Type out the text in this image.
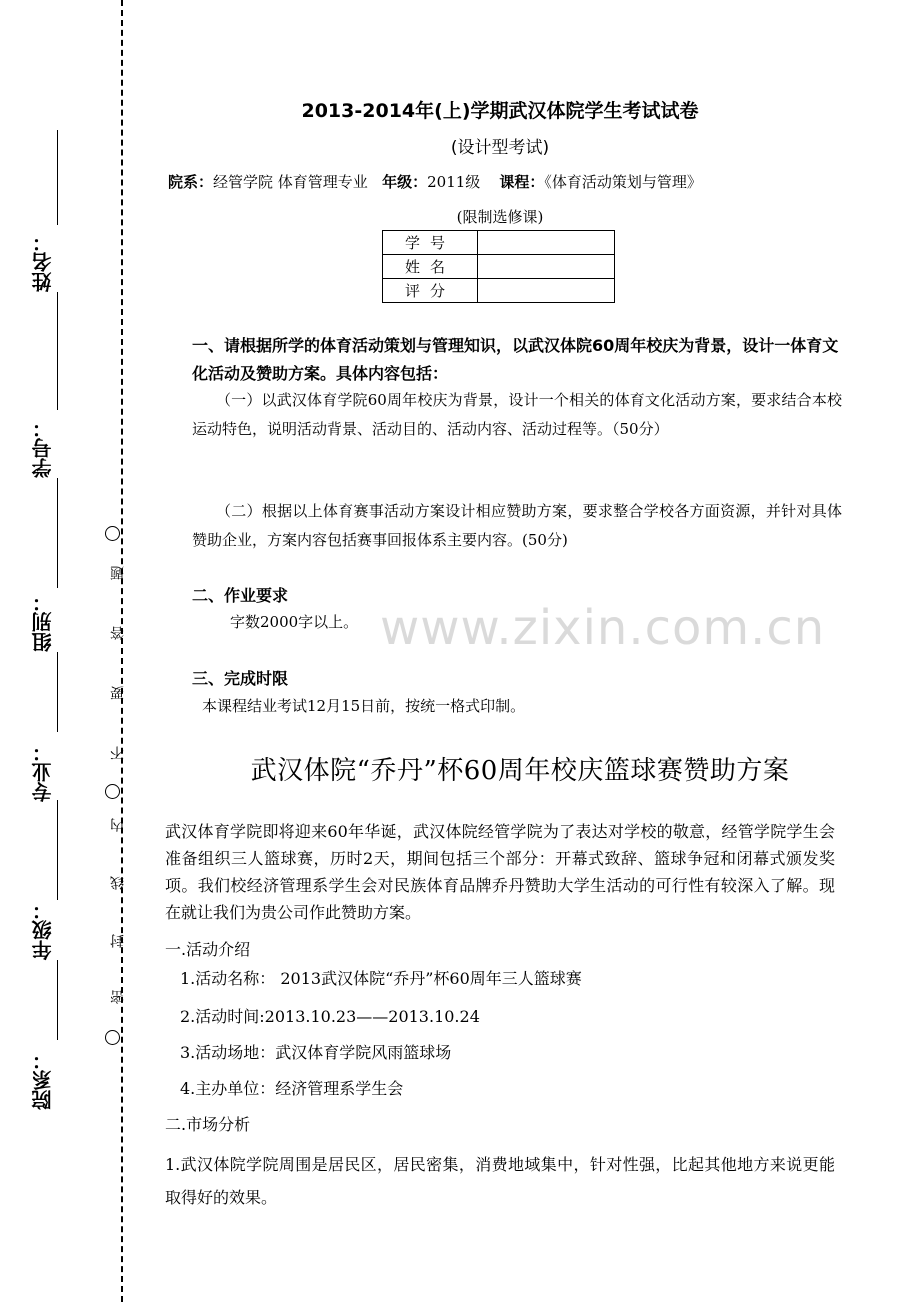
姓名：
学号：
组别：
专业：
年级：
院系：
题
答
要
不
内
线
封
密
2013-2014年(上)学期武汉体院学生考试试卷
(设计型考试)
院系：经管学院 体育管理专业 年级：2011级 课程：《体育活动策划与管理》
(限制选修课)
学号	
姓名	
评分	
一、请根据所学的体育活动策划与管理知识，以武汉体院60周年校庆为背景，设计一体育文化活动及赞助方案。具体内容包括：
（一）以武汉体育学院60周年校庆为背景，设计一个相关的体育文化活动方案，要求结合本校运动特色，说明活动背景、活动目的、活动内容、活动过程等。（50分）
（二）根据以上体育赛事活动方案设计相应赞助方案，要求整合学校各方面资源，并针对具体赞助企业，方案内容包括赛事回报体系主要内容。(50分)
二、作业要求
字数2000字以上。
三、完成时限
本课程结业考试12月15日前，按统一格式印制。
www.zixin.com.cn
武汉体院“乔丹”杯60周年校庆篮球赛赞助方案
武汉体育学院即将迎来60年华诞，武汉体院经管学院为了表达对学校的敬意，经管学院学生会准备组织三人篮球赛，历时2天，期间包括三个部分：开幕式致辞、篮球争冠和闭幕式颁发奖项。我们校经济管理系学生会对民族体育品牌乔丹赞助大学生活动的可行性有较深入了解。现在就让我们为贵公司作此赞助方案。
一.活动介绍
1.活动名称： 2013武汉体院“乔丹”杯60周年三人篮球赛
2.活动时间:2013.10.23——2013.10.24
3.活动场地：武汉体育学院风雨篮球场
4.主办单位：经济管理系学生会
二.市场分析
1.武汉体院学院周围是居民区，居民密集，消费地域集中，针对性强，比起其他地方来说更能取得好的效果。
